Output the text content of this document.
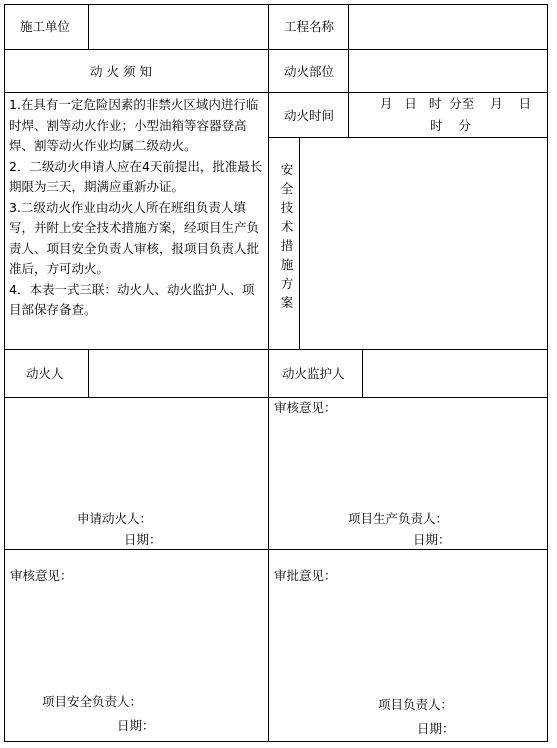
施工单位	工程名称
动 火 须 知	动火部位

1.在具有一定危险因素的非禁火区域内进行临时焊、割等动火作业；小型油箱等容器登高焊、割等动火作业均属二级动火。

2．二级动火申请人应在4天前提出，批准最长期限为三天，期满应重新办证。

3.二级动火作业由动火人所在班组负责人填写，并附上安全技术措施方案，经项目生产负责人、项目安全负责人审核，报项目负责人批准后，方可动火。

4．本表一式三联：动火人、动火监护人、项目部保存备查。

动火时间
月   日   时  分至    月    日
时    分
安
全
技
术
措
施
方
案
动火人	动火监护人
申请动火人：
日期：
审核意见：
项目生产负责人：
日期：
审核意见：
项目安全负责人：
日期：
审批意见：
项目负责人：
日期：
